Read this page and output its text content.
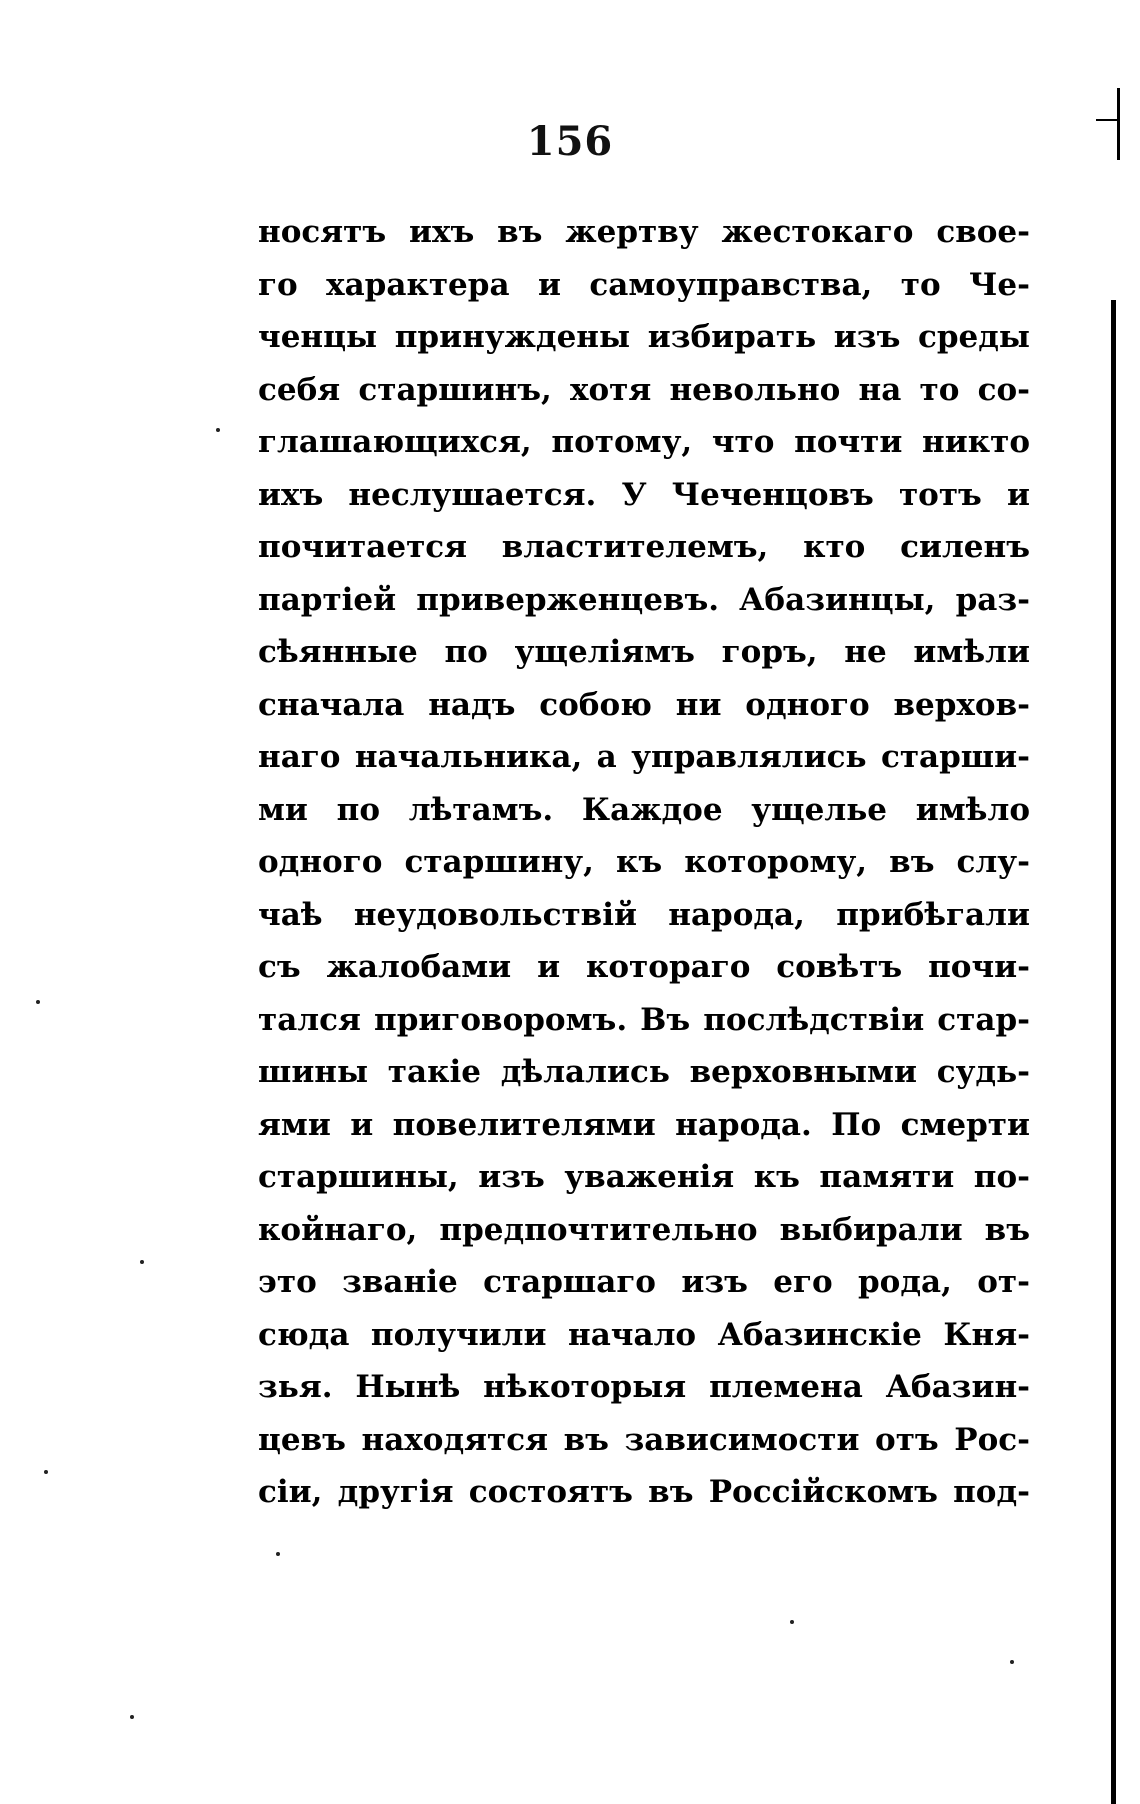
156
носятъ ихъ въ жертву жестокаго свое-
го характера и самоуправства, то Че-
ченцы принуждены избирать изъ среды
себя старшинъ, хотя невольно на то со-
глашающихся, потому, что почти никто
ихъ неслушается. У Чеченцовъ тотъ и
почитается властителемъ, кто силенъ
партіей приверженцевъ. Абазинцы, раз-
сѣянные по ущеліямъ горъ, не имѣли
сначала надъ собою ни одного верхов-
наго начальника, а управлялись старши-
ми по лѣтамъ. Каждое ущелье имѣло
одного старшину, къ которому, въ слу-
чаѣ неудовольствій народа, прибѣгали
съ жалобами и котораго совѣтъ почи-
тался приговоромъ. Въ послѣдствіи стар-
шины такіе дѣлались верховными судь-
ями и повелителями народа. По смерти
старшины, изъ уваженія къ памяти по-
койнаго, предпочтительно выбирали въ
это званіе старшаго изъ его рода, от-
сюда получили начало Абазинскіе Кня-
зья. Нынѣ нѣкоторыя племена Абазин-
цевъ находятся въ зависимости отъ Рос-
сіи, другія состоятъ въ Россійскомъ под-
